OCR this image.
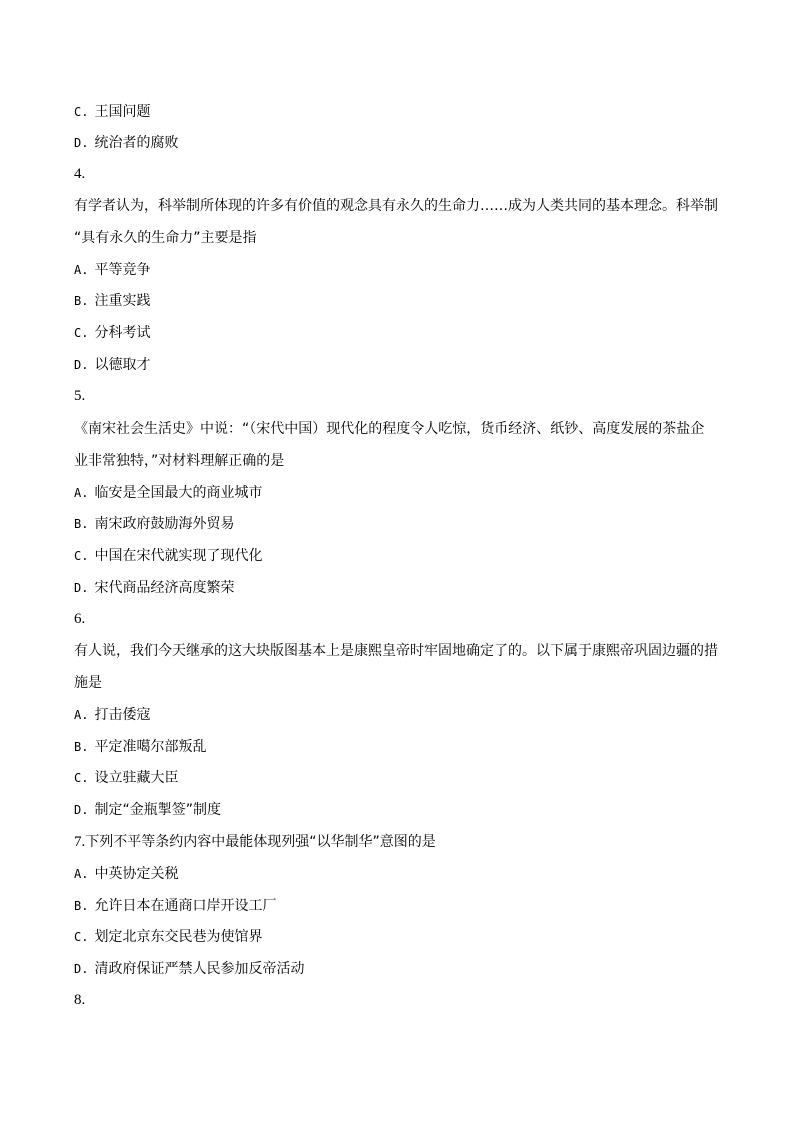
C. 王国问题
D. 统治者的腐败
4.
有学者认为，科举制所体现的许多有价值的观念具有永久的生命力……成为人类共同的基本理念。科举制
“具有永久的生命力”主要是指
A. 平等竞争
B. 注重实践
C. 分科考试
D. 以德取才
5.
《南宋社会生活史》中说：“（宋代中国）现代化的程度令人吃惊，货币经济、纸钞、高度发展的茶盐企
业非常独特，”对材料理解正确的是
A. 临安是全国最大的商业城市
B. 南宋政府鼓励海外贸易
C. 中国在宋代就实现了现代化
D. 宋代商品经济高度繁荣
6.
有人说，我们今天继承的这大块版图基本上是康熙皇帝时牢固地确定了的。以下属于康熙帝巩固边疆的措
施是
A. 打击倭寇
B. 平定准噶尔部叛乱
C. 设立驻藏大臣
D. 制定“金瓶掣签”制度
7.下列不平等条约内容中最能体现列强“以华制华”意图的是
A. 中英协定关税
B. 允许日本在通商口岸开设工厂
C. 划定北京东交民巷为使馆界
D. 清政府保证严禁人民参加反帝活动
8.
